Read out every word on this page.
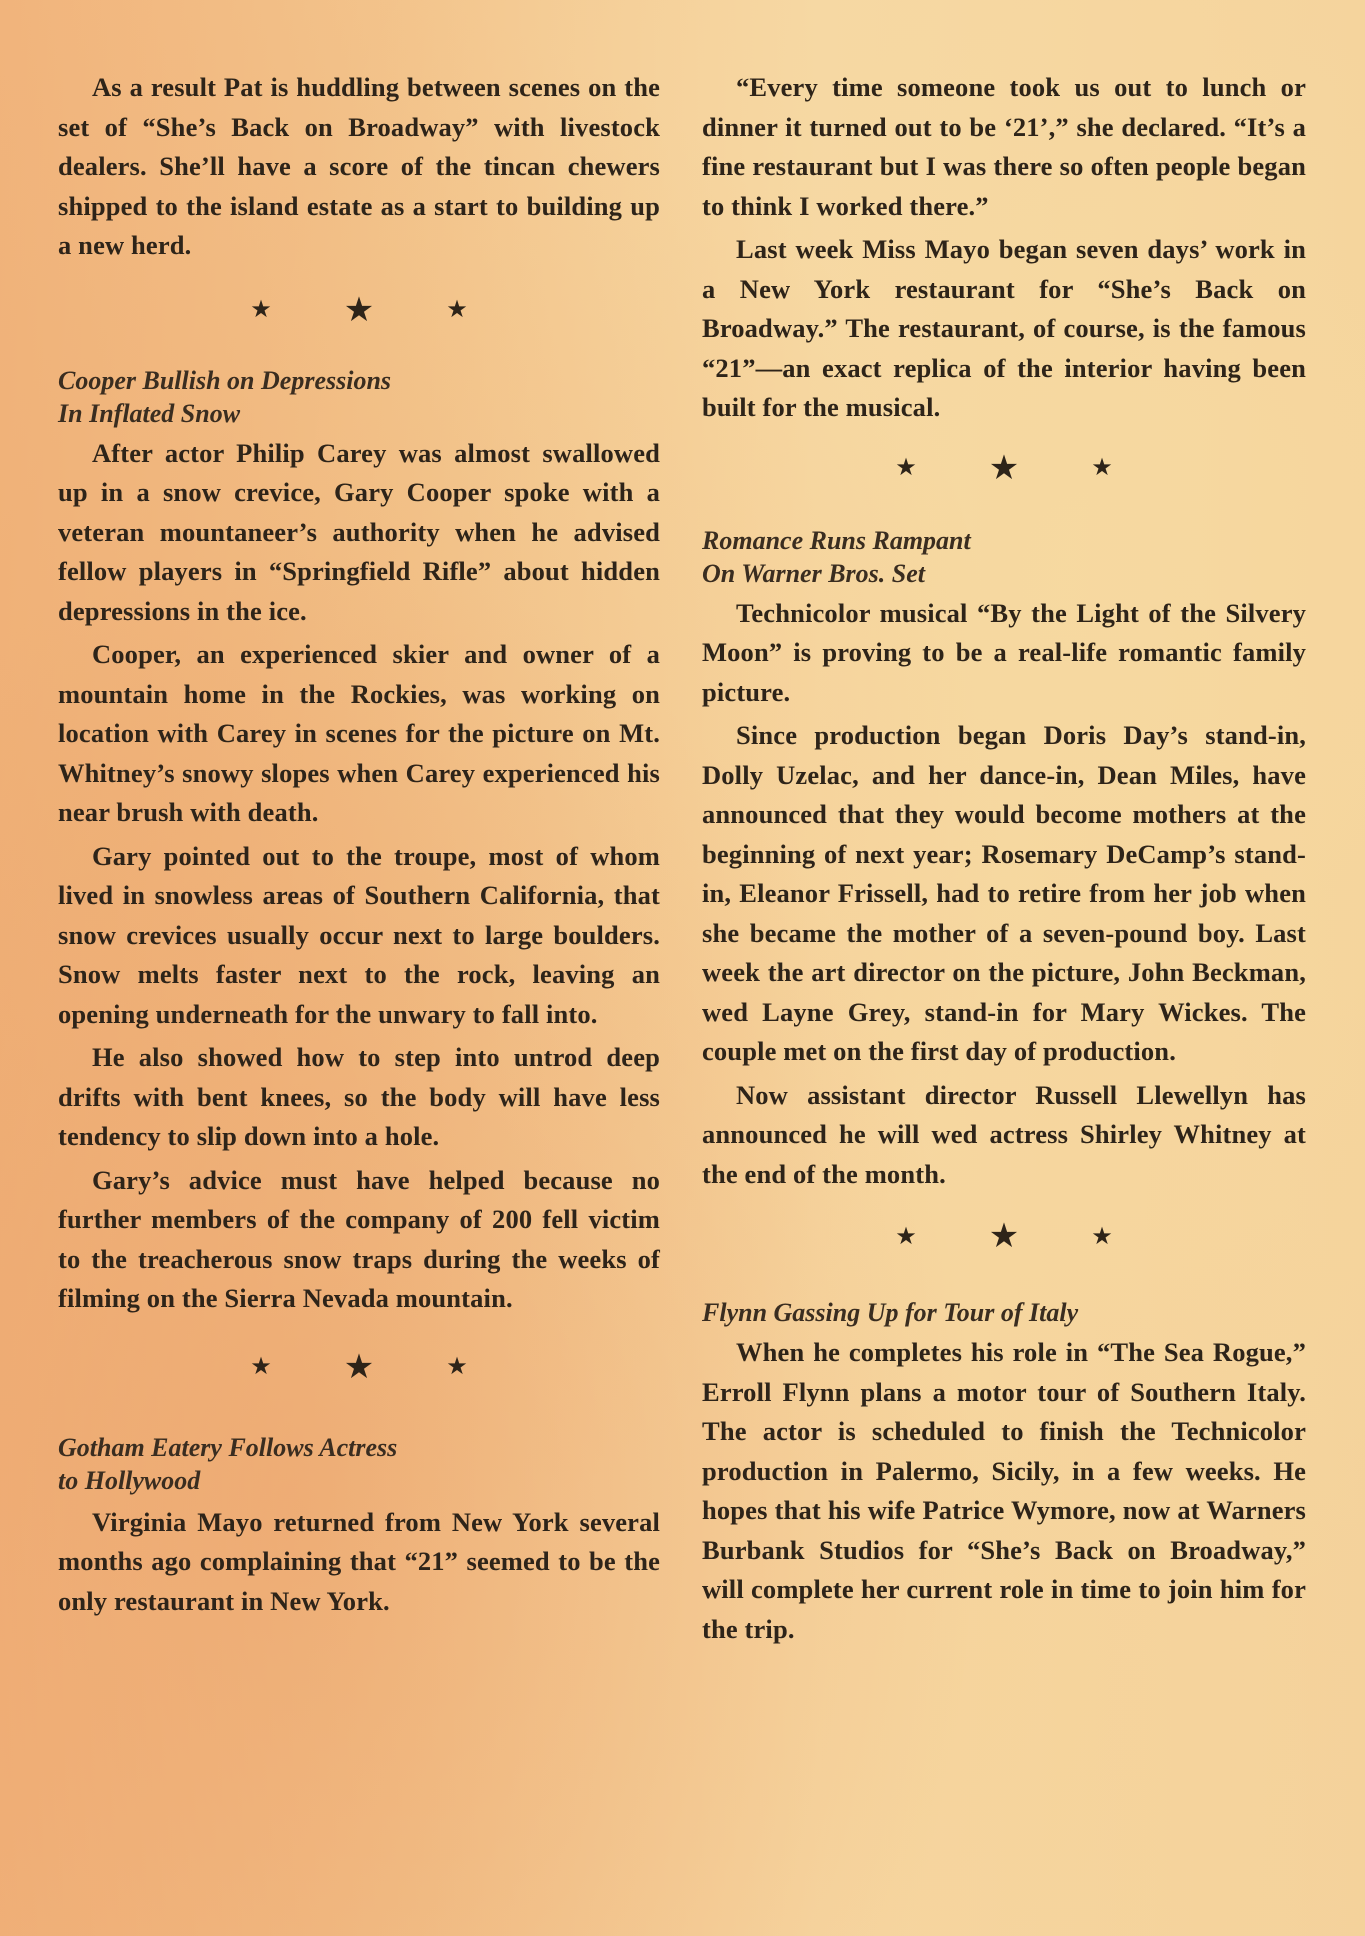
As a result Pat is huddling between scenes on the set of “She’s Back on Broadway” with livestock dealers. She’ll have a score of the tincan chewers shipped to the island estate as a start to building up a new herd.

★ ★	★
Cooper Bullish on Depressions
In Inflated Snow

After actor Philip Carey was almost swallowed up in a snow crevice, Gary Cooper spoke with a veteran mountaneer’s authority when he advised fellow players in “Springfield Rifle” about hidden depressions in the ice.

Cooper, an experienced skier and owner of a mountain home in the Rockies, was working on location with Carey in scenes for the picture on Mt. Whitney’s snowy slopes when Carey experienced his near brush with death.

Gary pointed out to the troupe, most of whom lived in snowless areas of Southern California, that snow crevices usually occur next to large boulders. Snow melts faster next to the rock, leaving an opening underneath for the unwary to fall into.

He also showed how to step into untrod deep drifts with bent knees, so the body will have less tendency to slip down into a hole.

Gary’s advice must have helped because no further members of the company of 200 fell victim to the treacherous snow traps during the weeks of filming on the Sierra Nevada mountain.

★ ★	★
Gotham Eatery Follows Actress
to Hollywood

Virginia Mayo returned from New York several months ago complaining that “21” seemed to be the only restaurant in New York.

“Every time someone took us out to lunch or dinner it turned out to be ‘21’,” she declared. “It’s a fine restaurant but I was there so often people began to think I worked there.”

Last week Miss Mayo began seven days’ work in a New York restaurant for “She’s Back on Broadway.” The restaurant, of course, is the famous “21”—an exact replica of the interior having been built for the musical.

★ ★	★
Romance Runs Rampant
On Warner Bros. Set

Technicolor musical “By the Light of the Silvery Moon” is proving to be a real-life romantic family picture.

Since production began Doris Day’s stand-in, Dolly Uzelac, and her dance-in, Dean Miles, have announced that they would become mothers at the beginning of next year; Rosemary DeCamp’s stand-in, Eleanor Frissell, had to retire from her job when she became the mother of a seven-pound boy. Last week the art director on the picture, John Beckman, wed Layne Grey, stand-in for Mary Wickes. The couple met on the first day of production.

Now assistant director Russell Llewellyn has announced he will wed actress Shirley Whitney at the end of the month.

★ ★	★
Flynn Gassing Up for Tour of Italy

When he completes his role in “The Sea Rogue,” Erroll Flynn plans a motor tour of Southern Italy. The actor is scheduled to finish the Technicolor production in Palermo, Sicily, in a few weeks. He hopes that his wife Patrice Wymore, now at Warners Burbank Studios for “She’s Back on Broadway,” will complete her current role in time to join him for the trip.
